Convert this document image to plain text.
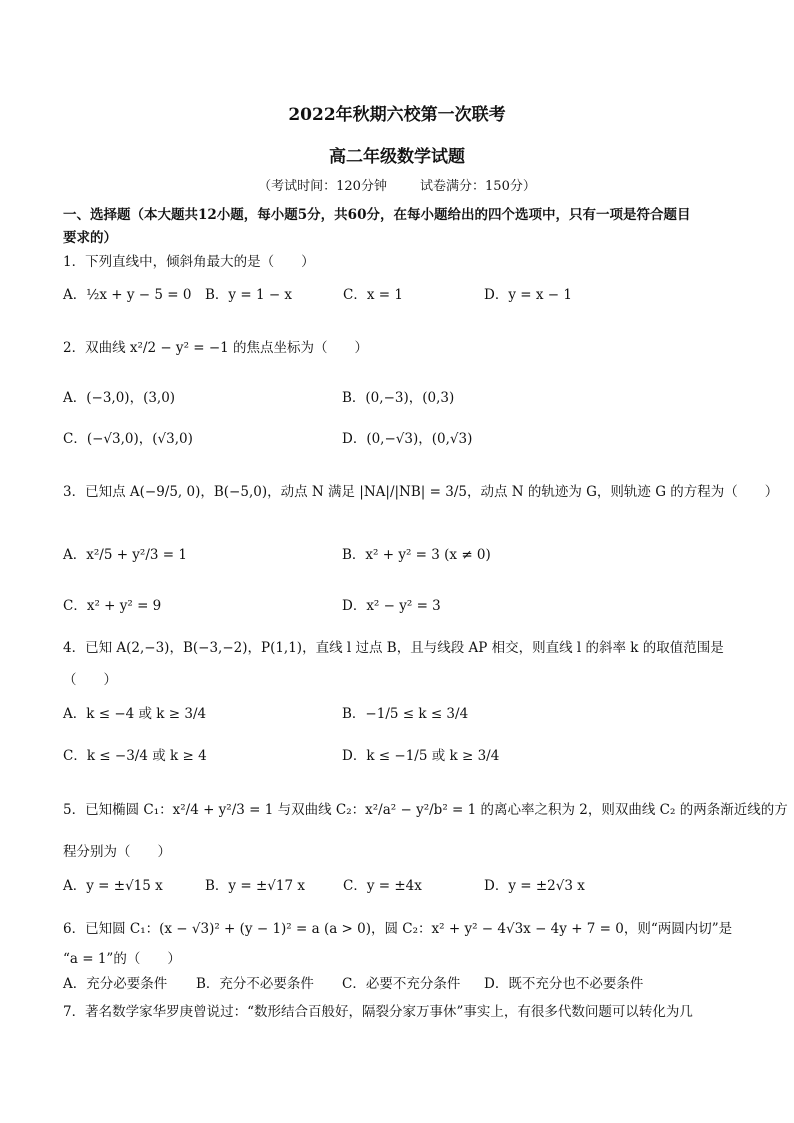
2022年秋期六校第一次联考
高二年级数学试题
（考试时间：120分钟	试卷满分：150分）
一、选择题（本大题共12小题，每小题5分，共60分，在每小题给出的四个选项中，只有一项是符合题目
要求的）
1．下列直线中，倾斜角最大的是（　　）
A．½x + y − 5 = 0 B．y = 1 − x	C．x = 1	D．y = x − 1
2．双曲线 x²/2 − y² = −1 的焦点坐标为（　　）
A．(−3,0)，(3,0)	B．(0,−3)，(0,3)
C．(−√3,0)，(√3,0)	D．(0,−√3)，(0,√3)
3．已知点 A(−9/5, 0)，B(−5,0)，动点 N 满足 |NA|/|NB| = 3/5，动点 N 的轨迹为 G，则轨迹 G 的方程为（　　）
A．x²/5 + y²/3 = 1	B．x² + y² = 3 (x ≠ 0)
C．x² + y² = 9	D．x² − y² = 3
4．已知 A(2,−3)，B(−3,−2)，P(1,1)，直线 l 过点 B，且与线段 AP 相交，则直线 l 的斜率 k 的取值范围是
（　　）
A．k ≤ −4 或 k ≥ 3/4	B．−1/5 ≤ k ≤ 3/4
C．k ≤ −3/4 或 k ≥ 4	D．k ≤ −1/5 或 k ≥ 3/4
5．已知椭圆 C₁：x²/4 + y²/3 = 1 与双曲线 C₂：x²/a² − y²/b² = 1 的离心率之积为 2，则双曲线 C₂ 的两条渐近线的方
程分别为（　　）
A．y = ±√15 x	B．y = ±√17 x	C．y = ±4x	D．y = ±2√3 x
6．已知圆 C₁：(x − √3)² + (y − 1)² = a (a > 0)，圆 C₂：x² + y² − 4√3x − 4y + 7 = 0，则“两圆内切”是
“a = 1”的（　　）
A．充分必要条件 B．充分不必要条件 C．必要不充分条件 D．既不充分也不必要条件
7．著名数学家华罗庚曾说过：“数形结合百般好，隔裂分家万事休”事实上，有很多代数问题可以转化为几
